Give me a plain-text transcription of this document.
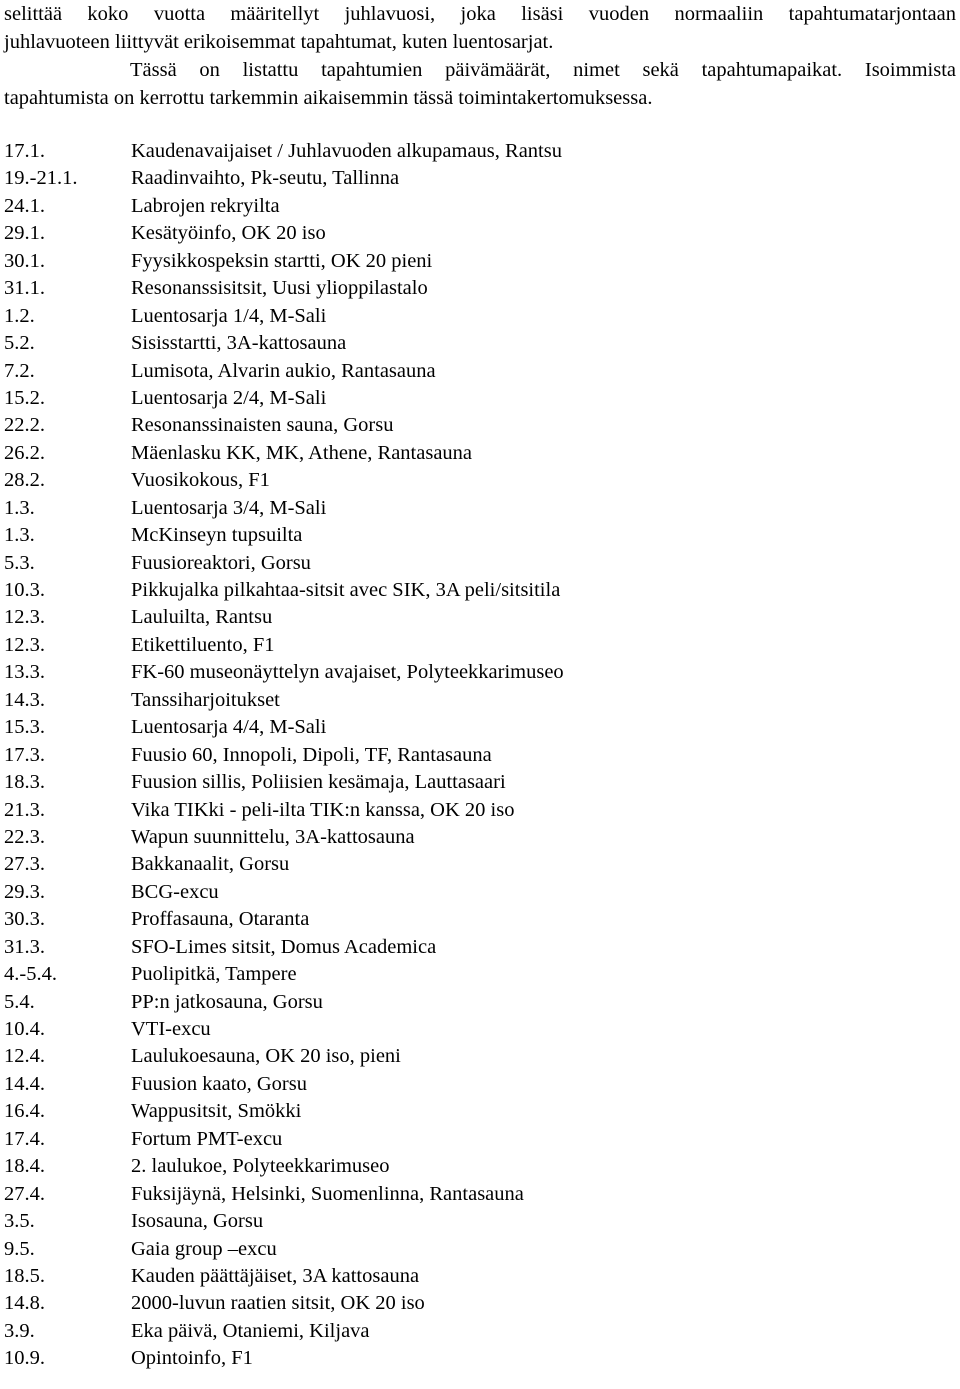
selittää koko vuotta määritellyt juhlavuosi, joka lisäsi vuoden normaaliin tapahtumatarjontaan
juhlavuoteen liittyvät erikoisemmat tapahtumat, kuten luentosarjat.
Tässä on listattu tapahtumien päivämäärät, nimet sekä tapahtumapaikat. Isoimmista
tapahtumista on kerrottu tarkemmin aikaisemmin tässä toimintakertomuksessa.

17.1.	Kaudenavaijaiset / Juhlavuoden alkupamaus, Rantsu
19.-21.1.	Raadinvaihto, Pk-seutu, Tallinna
24.1.	Labrojen rekryilta
29.1.	Kesätyöinfo, OK 20 iso
30.1.	Fyysikkospeksin startti, OK 20 pieni
31.1.	Resonanssisitsit, Uusi ylioppilastalo
1.2.	Luentosarja 1/4, M-Sali
5.2.	Sisisstartti, 3A-kattosauna
7.2.	Lumisota, Alvarin aukio, Rantasauna
15.2.	Luentosarja 2/4, M-Sali
22.2.	Resonanssinaisten sauna, Gorsu
26.2.	Mäenlasku KK, MK, Athene, Rantasauna
28.2.	Vuosikokous, F1
1.3.	Luentosarja 3/4, M-Sali
1.3.	McKinseyn tupsuilta
5.3.	Fuusioreaktori, Gorsu
10.3.	Pikkujalka pilkahtaa-sitsit avec SIK, 3A peli/sitsitila
12.3.	Lauluilta, Rantsu
12.3.	Etikettiluento, F1
13.3.	FK-60 museonäyttelyn avajaiset, Polyteekkarimuseo
14.3.	Tanssiharjoitukset
15.3.	Luentosarja 4/4, M-Sali
17.3.	Fuusio 60, Innopoli, Dipoli, TF, Rantasauna
18.3.	Fuusion sillis, Poliisien kesämaja, Lauttasaari
21.3.	Vika TIKki - peli-ilta TIK:n kanssa, OK 20 iso
22.3.	Wapun suunnittelu, 3A-kattosauna
27.3.	Bakkanaalit, Gorsu
29.3.	BCG-excu
30.3.	Proffasauna, Otaranta
31.3.	SFO-Limes sitsit, Domus Academica
4.-5.4.	Puolipitkä, Tampere
5.4.	PP:n jatkosauna, Gorsu
10.4.	VTI-excu
12.4.	Laulukoesauna, OK 20 iso, pieni
14.4.	Fuusion kaato, Gorsu
16.4.	Wappusitsit, Smökki
17.4.	Fortum PMT-excu
18.4.	2. laulukoe, Polyteekkarimuseo
27.4.	Fuksijäynä, Helsinki, Suomenlinna, Rantasauna
3.5.	Isosauna, Gorsu
9.5.	Gaia group –excu
18.5.	Kauden päättäjäiset, 3A kattosauna
14.8.	2000-luvun raatien sitsit, OK 20 iso
3.9.	Eka päivä, Otaniemi, Kiljava
10.9.	Opintoinfo, F1
